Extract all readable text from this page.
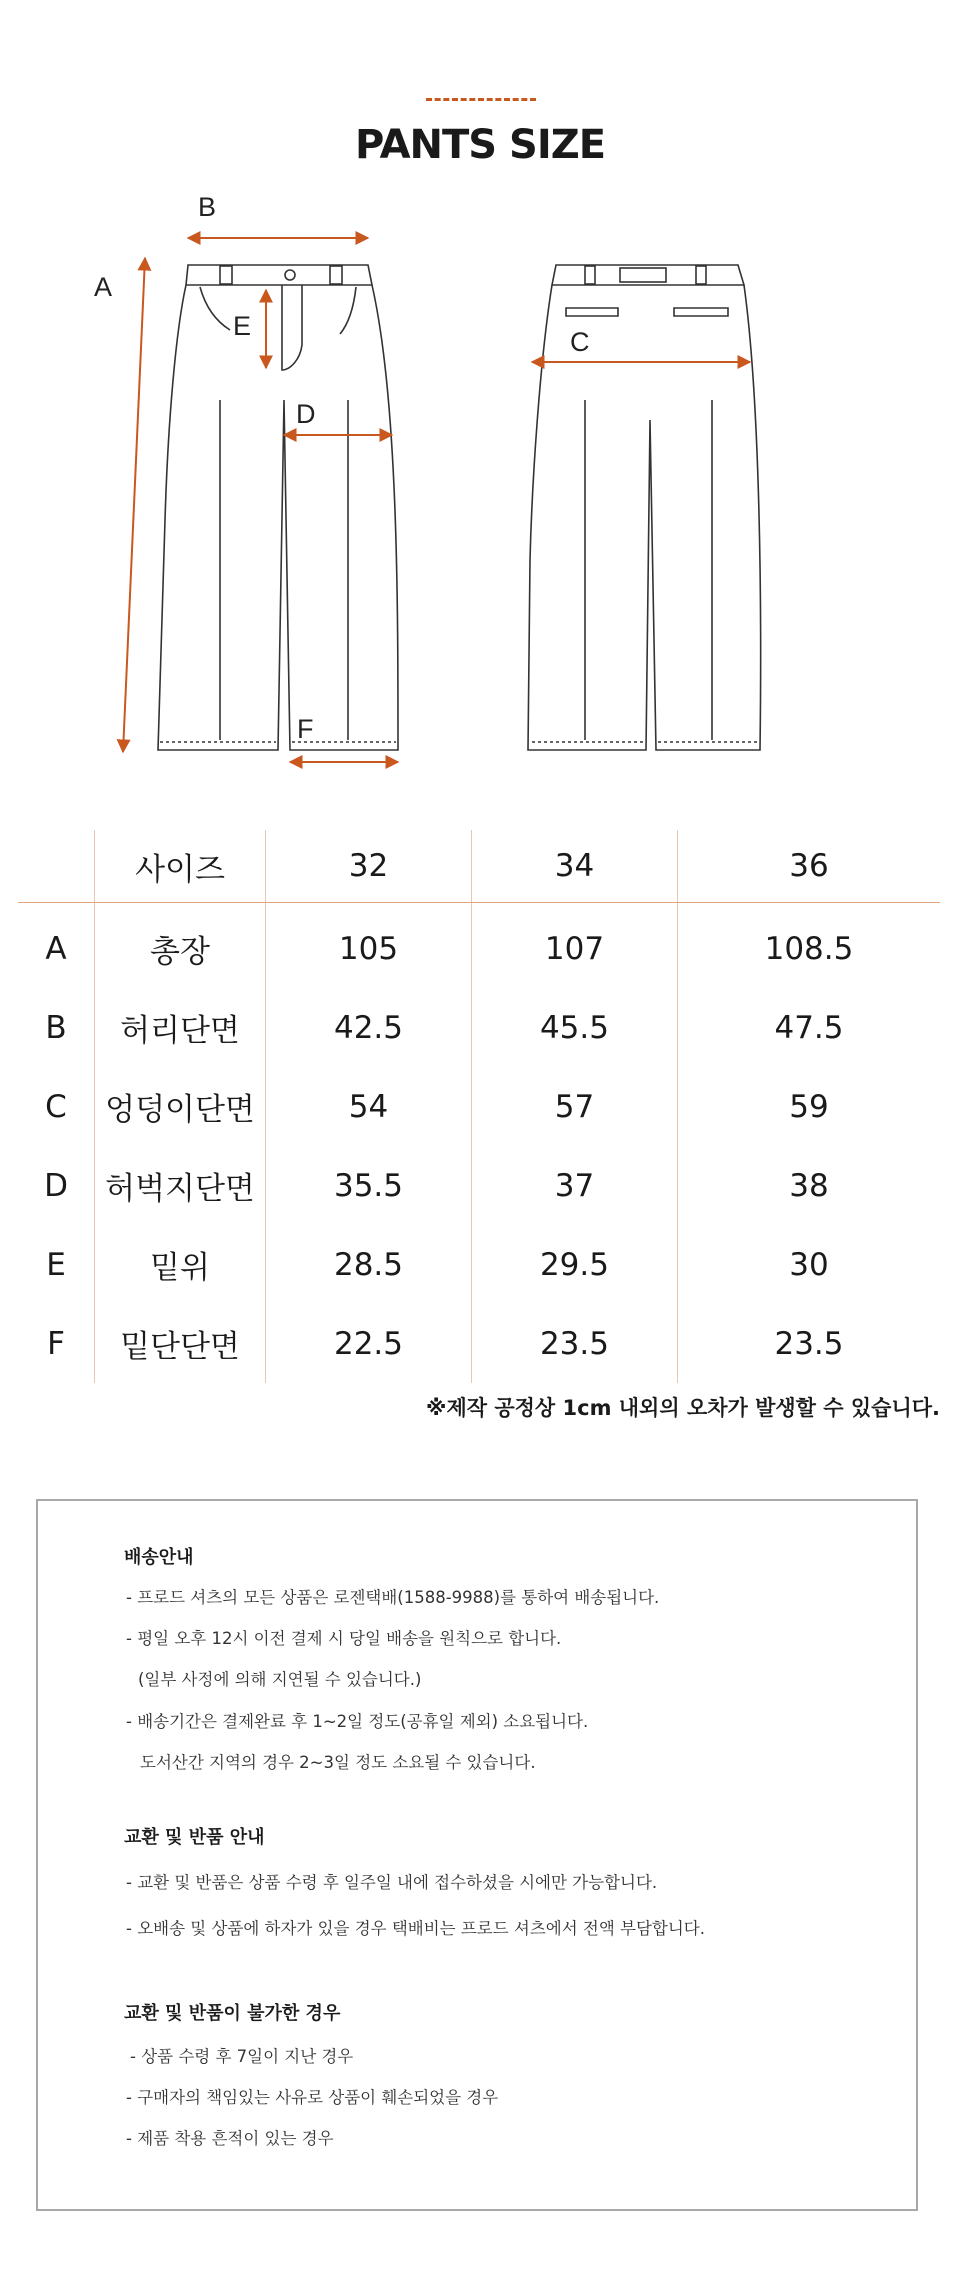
PANTS SIZE
A
B
E
D
F
C
	사이즈	32	34	36
A	총장	105	107	108.5
B	허리단면	42.5	45.5	47.5
C	엉덩이단면	54	57	59
D	허벅지단면	35.5	37	38
E	밑위	28.5	29.5	30
F	밑단단면	22.5	23.5	23.5
※제작 공정상 1cm 내외의 오차가 발생할 수 있습니다.
배송안내
- 프로드 셔츠의 모든 상품은 로젠택배(1588-9988)를 통하여 배송됩니다.
- 평일 오후 12시 이전 결제 시 당일 배송을 원칙으로 합니다.
(일부 사정에 의해 지연될 수 있습니다.)
- 배송기간은 결제완료 후 1~2일 정도(공휴일 제외) 소요됩니다.
도서산간 지역의 경우 2~3일 정도 소요될 수 있습니다.
교환 및 반품 안내
- 교환 및 반품은 상품 수령 후 일주일 내에 접수하셨을 시에만 가능합니다.
- 오배송 및 상품에 하자가 있을 경우 택배비는 프로드 셔츠에서 전액 부담합니다.
교환 및 반품이 불가한 경우
- 상품 수령 후 7일이 지난 경우
- 구매자의 책임있는 사유로 상품이 훼손되었을 경우
- 제품 착용 흔적이 있는 경우
